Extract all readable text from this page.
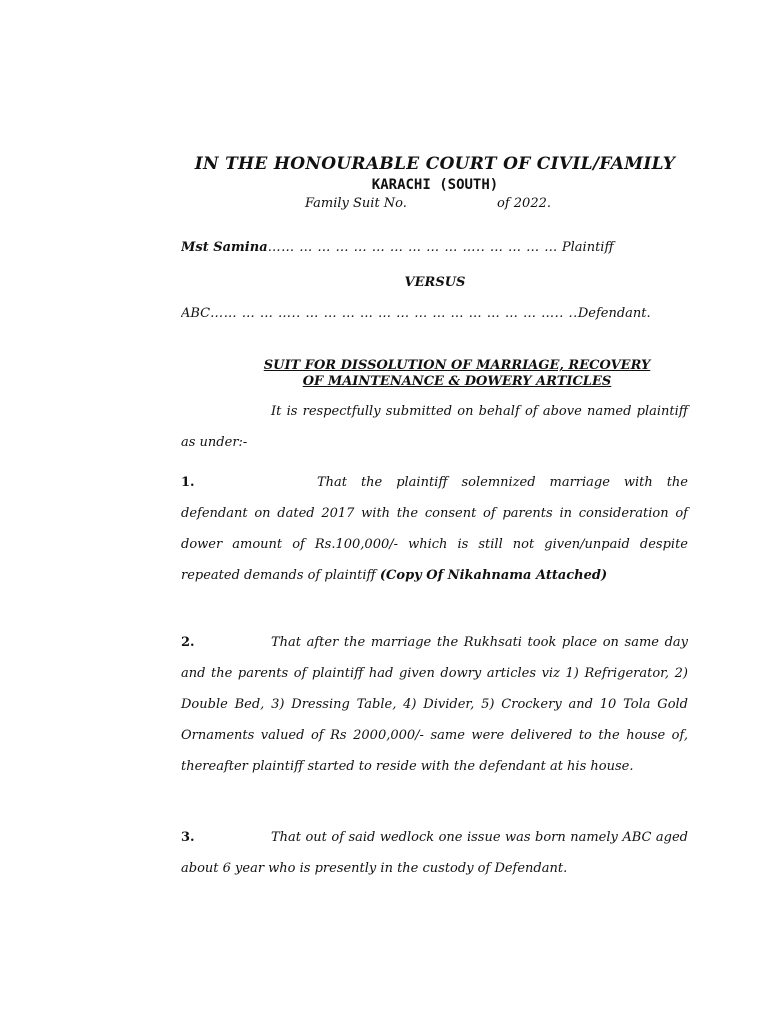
IN THE HONOURABLE COURT OF CIVIL/FAMILY
KARACHI (SOUTH)
Family Suit No.	of 2022.
Mst Samina…… … … … … … … … … … ….. … … … … Plaintiff
VERSUS
ABC…… … … ….. … … … … … … … … … … … … … ….. ..Defendant.
SUIT FOR DISSOLUTION OF MARRIAGE, RECOVERY
OF MAINTENANCE & DOWERY ARTICLES
It is respectfully submitted on behalf of above named plaintiff as under:-
1.	That the plaintiff solemnized marriage with the defendant on dated 2017 with the consent of parents in consideration of dower amount of Rs.100,000/- which is still not given/unpaid despite repeated demands of plaintiff (Copy Of Nikahnama Attached)
2.	That after the marriage the Rukhsati took place on same day and the parents of plaintiff had given dowry articles viz 1) Refrigerator, 2) Double Bed, 3) Dressing Table, 4) Divider, 5) Crockery and 10 Tola Gold Ornaments valued of Rs 2000,000/- same were delivered to the house of, thereafter plaintiff started to reside with the defendant at his house.
3.	That out of said wedlock one issue was born namely ABC aged about 6 year who is presently in the custody of Defendant.
